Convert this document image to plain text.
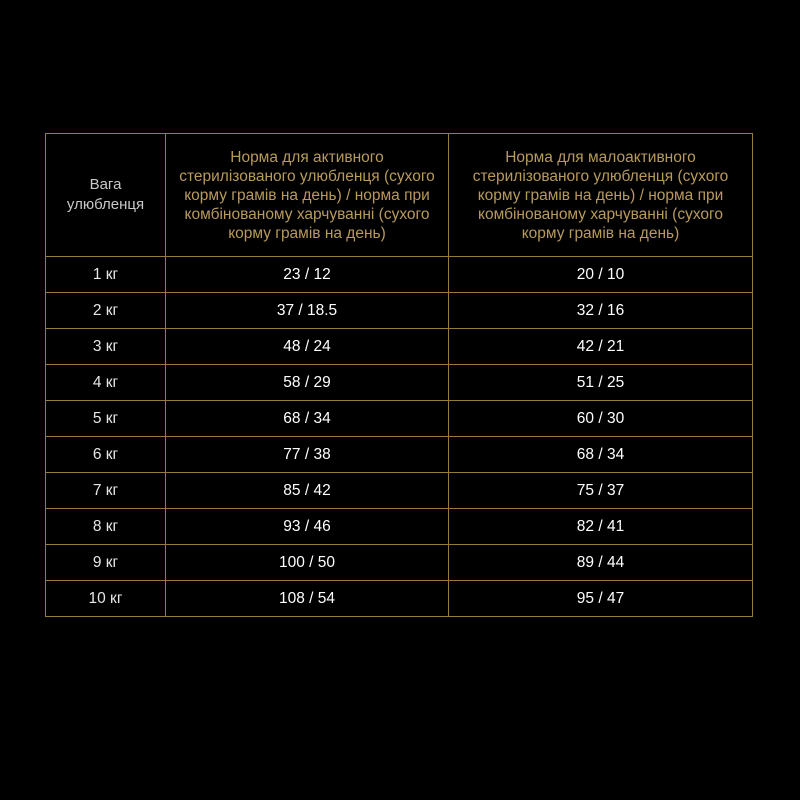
Вага улюбленця	Норма для активного стерилізованого улюбленця (сухого корму грамів на день) / норма при комбінованому харчуванні (сухого корму грамів на день)	Норма для малоактивного стерилізованого улюбленця (сухого корму грамів на день) / норма при комбінованому харчуванні (сухого корму грамів на день)

1 кг	23 / 12	20 / 10
2 кг	37 / 18.5	32 / 16
3 кг	48 / 24	42 / 21
4 кг	58 / 29	51 / 25
5 кг	68 / 34	60 / 30
6 кг	77 / 38	68 / 34
7 кг	85 / 42	75 / 37
8 кг	93 / 46	82 / 41
9 кг	100 / 50	89 / 44
10 кг	108 / 54	95 / 47
